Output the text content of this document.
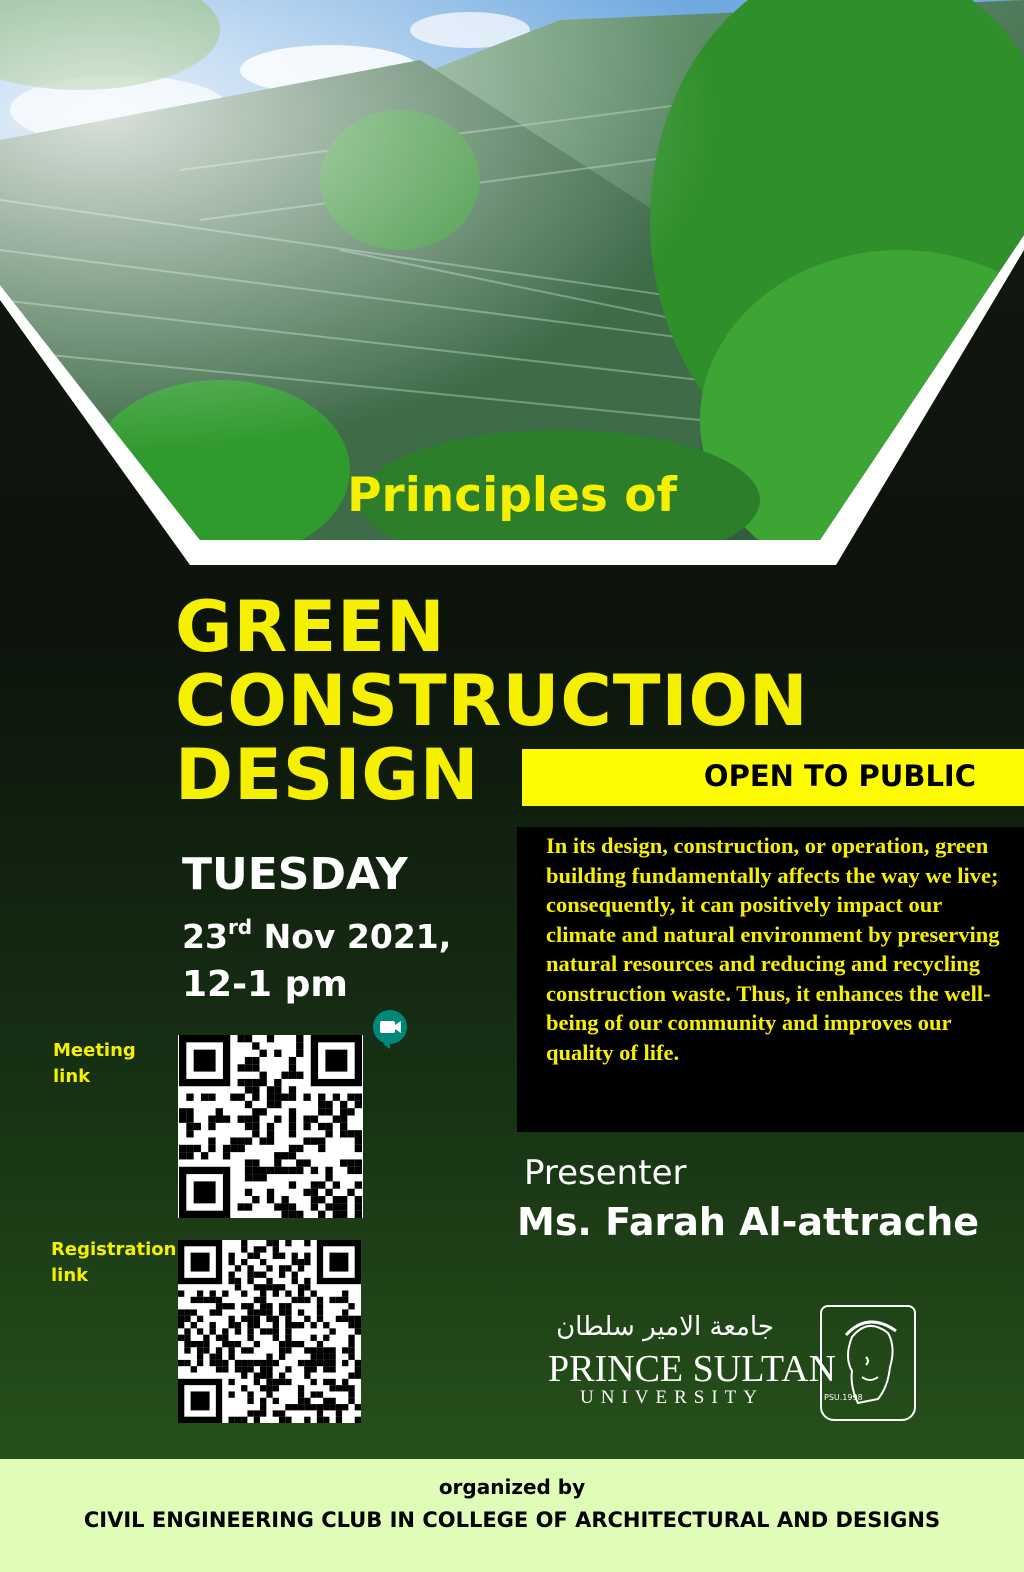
Principles of
GREEN
CONSTRUCTION
DESIGN	OPEN TO PUBLIC
TUESDAY
23rd Nov 2021,
12-1 pm
In its design, construction, or operation, green building fundamentally affects the way we live; consequently, it can positively impact our climate and natural environment by preserving natural resources and reducing and recycling construction waste. Thus, it enhances the well-being of our community and improves our quality of life.
Meeting
link
Registration
link
Presenter
Ms. Farah Al-attrache
جامعة الامير سلطان
PRINCE SULTAN
UNIVERSITY	PSU.1998
organized by
CIVIL ENGINEERING CLUB IN COLLEGE OF ARCHITECTURAL AND DESIGNS
